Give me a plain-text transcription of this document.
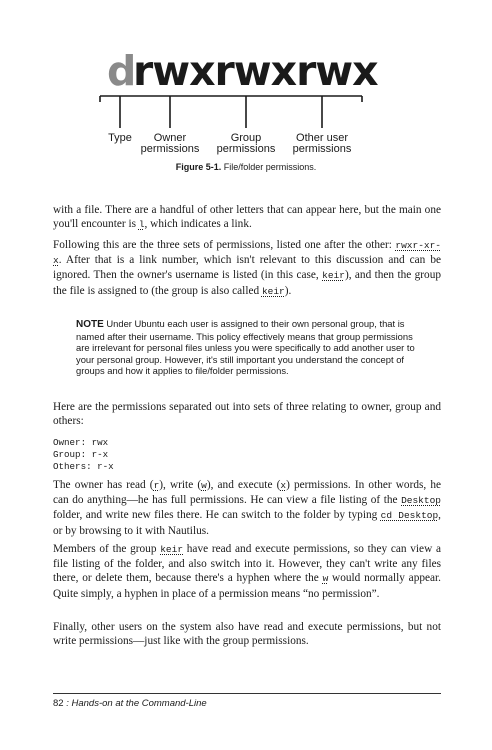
d
rwxrwxrwx
Type Owner
permissions
Group
permissions
Other user
permissions
Figure 5-1. File/folder permissions.

with a file. There are a handful of other letters that can appear here, but the main one you'll encounter is l, which indicates a link.

Following this are the three sets of permissions, listed one after the other: rwxr-xr-x. After that is a link number, which isn't relevant to this discussion and can be ignored. Then the owner's username is listed (in this case, keir), and then the group the file is assigned to (the group is also called keir).

NOTE Under Ubuntu each user is assigned to their own personal group, that is named after their username. This policy effectively means that group permissions are irrelevant for personal files unless you were specifically to add another user to your personal group. However, it's still important you understand the concept of groups and how it applies to file/folder permissions.

Here are the permissions separated out into sets of three relating to owner, group and others:

Owner: rwx
Group: r-x
Others: r-x

The owner has read (r), write (w), and execute (x) permissions. In other words, he can do anything—he has full permissions. He can view a file listing of the Desktop folder, and write new files there. He can switch to the folder by typing cd Desktop, or by browsing to it with Nautilus.

Members of the group keir have read and execute permissions, so they can view a file listing of the folder, and also switch into it. However, they can't write any files there, or delete them, because there's a hyphen where the w would normally appear. Quite simply, a hyphen in place of a permission means “no permission”.

Finally, other users on the system also have read and execute permissions, but not write permissions—just like with the group permissions.

82 : Hands-on at the Command-Line
